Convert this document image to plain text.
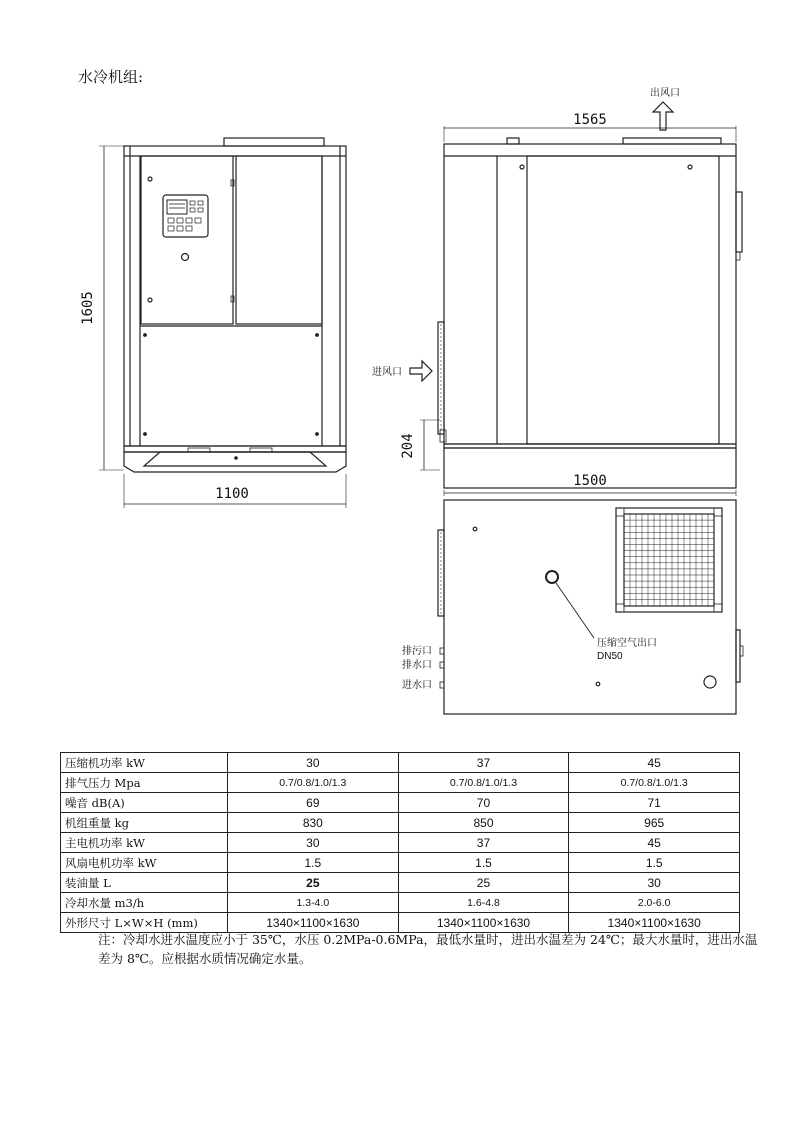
水冷机组:
1605
1100
1565
1500
204
出风口
进风口
压缩空气出口
DN50
排污口
排水口
进水口
压缩机功率 kW	30	37	45
排气压力 Mpa	0.7/0.8/1.0/1.3	0.7/0.8/1.0/1.3	0.7/0.8/1.0/1.3
噪音 dB(A)	69	70	71
机组重量 kg	830	850	965
主电机功率 kW	30	37	45
风扇电机功率 kW	1.5	1.5	1.5
装油量 L	25	25	30
冷却水量 m3/h	1.3-4.0	1.6-4.8	2.0-6.0
外形尺寸 L×W×H (mm)	1340×1100×1630	1340×1100×1630	1340×1100×1630
注：冷却水进水温度应小于 35℃，水压 0.2MPa-0.6MPa，最低水量时，进出水温差为 24℃；最大水量时，进出水温差为 8℃。应根据水质情况确定水量。
